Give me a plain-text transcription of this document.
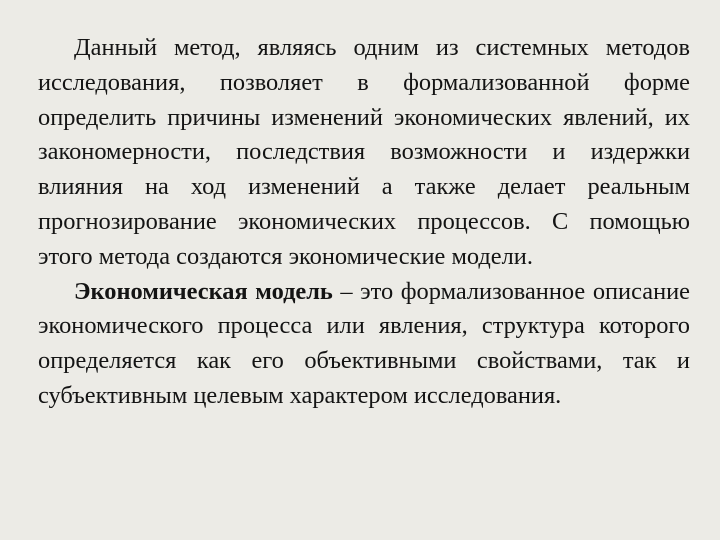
Данный метод, являясь одним из системных методов исследования, позволяет в формализованной форме определить причины изменений экономических явлений, их закономерности, последствия возможности и издержки влияния на ход изменений а также делает реальным прогнозирование экономических процессов. С помощью этого метода создаются экономические модели.

Экономическая модель – это формализованное описание экономического процесса или явления, структура которого определяется как его объективными свойствами, так и субъективным целевым характером исследования.
